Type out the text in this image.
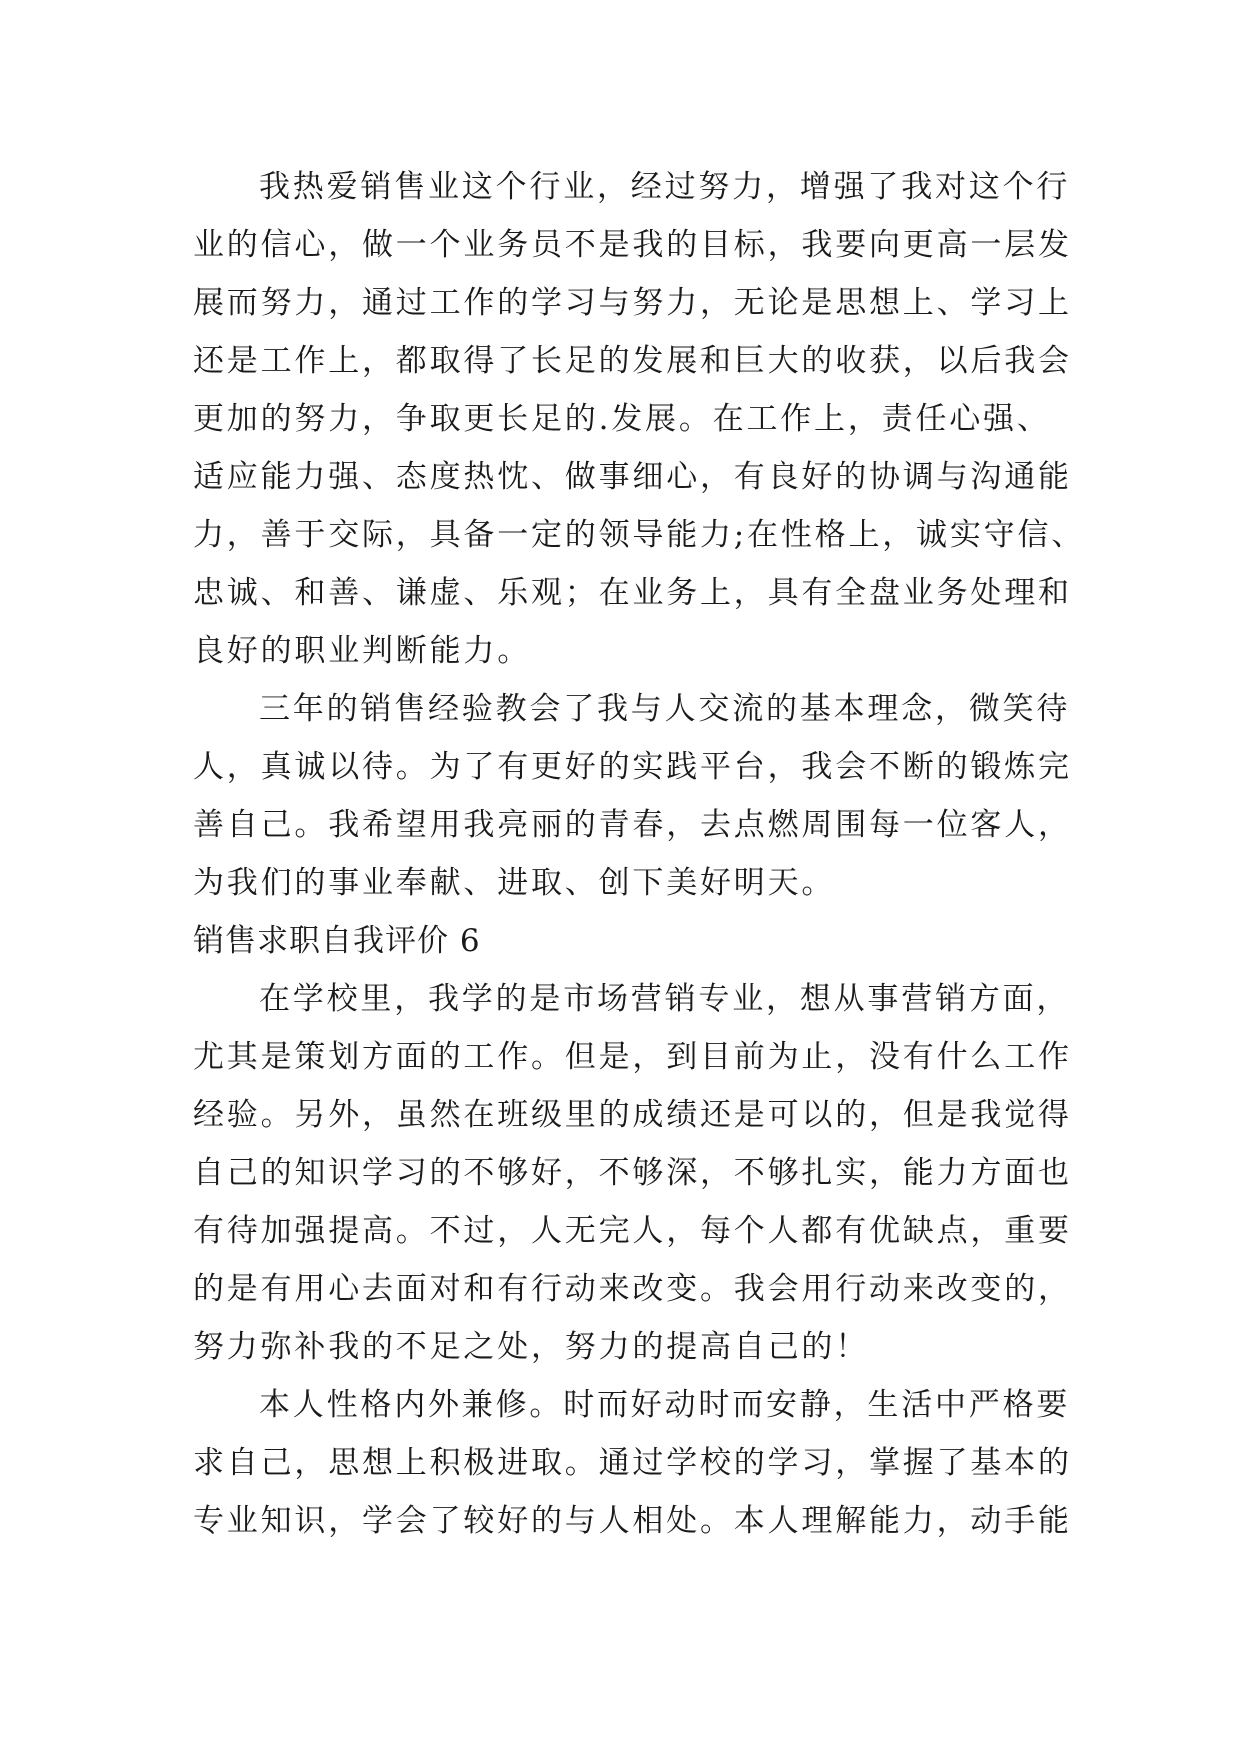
我热爱销售业这个行业，经过努力，增强了我对这个行
业的信心，做一个业务员不是我的目标，我要向更高一层发
展而努力，通过工作的学习与努力，无论是思想上、学习上
还是工作上，都取得了长足的发展和巨大的收获，以后我会
更加的努力，争取更长足的.发展。在工作上，责任心强、
适应能力强、态度热忱、做事细心，有良好的协调与沟通能
力，善于交际，具备一定的领导能力;在性格上，诚实守信、
忠诚、和善、谦虚、乐观；在业务上，具有全盘业务处理和
良好的职业判断能力。
三年的销售经验教会了我与人交流的基本理念，微笑待
人，真诚以待。为了有更好的实践平台，我会不断的锻炼完
善自己。我希望用我亮丽的青春，去点燃周围每一位客人，
为我们的事业奉献、进取、创下美好明天。
销售求职自我评价 6
在学校里，我学的是市场营销专业，想从事营销方面，
尤其是策划方面的工作。但是，到目前为止，没有什么工作
经验。另外，虽然在班级里的成绩还是可以的，但是我觉得
自己的知识学习的不够好，不够深，不够扎实，能力方面也
有待加强提高。不过，人无完人，每个人都有优缺点，重要
的是有用心去面对和有行动来改变。我会用行动来改变的，
努力弥补我的不足之处，努力的提高自己的！
本人性格内外兼修。时而好动时而安静，生活中严格要
求自己，思想上积极进取。通过学校的学习，掌握了基本的
专业知识，学会了较好的与人相处。本人理解能力，动手能
